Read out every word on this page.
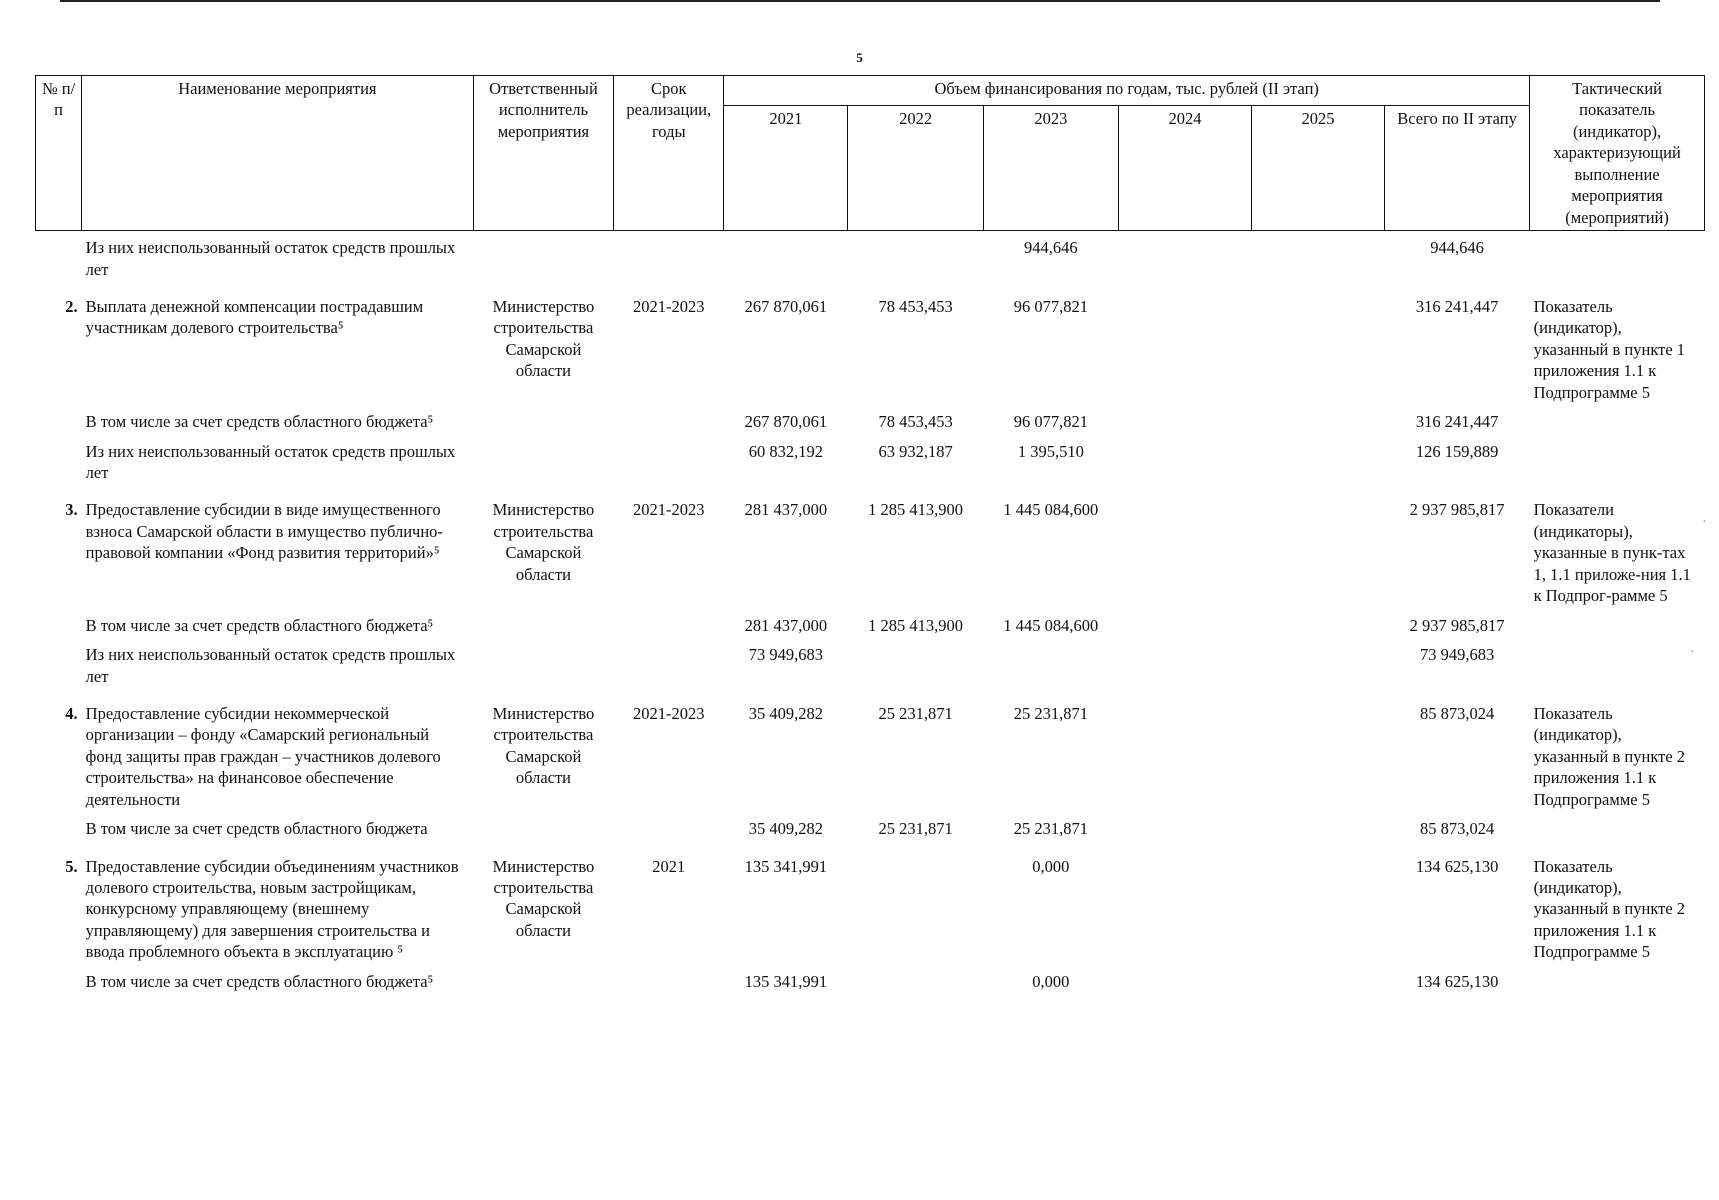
5
№ п/п	Наименование мероприятия	Ответственный исполнитель мероприятия	Срок реализации, годы	Объем финансирования по годам, тыс. рублей (II этап)						Тактический показатель (индикатор), характеризующий выполнение мероприятия (мероприятий)
				2021	2022	2023	2024	2025	Всего по II этапу	
	Из них неиспользованный остаток средств прошлых лет					944,646			944,646	
2.	Выплата денежной компенсации пострадавшим участникам долевого строительства⁵	Министерство строительства Самарской области	2021-2023	267 870,061	78 453,453	96 077,821			316 241,447	Показатель (индикатор), указанный в пункте 1 приложения 1.1 к Подпрограмме 5
	В том числе за счет средств областного бюджета⁵			267 870,061	78 453,453	96 077,821			316 241,447	
	Из них неиспользованный остаток средств прошлых лет			60 832,192	63 932,187	1 395,510			126 159,889	
3.	Предоставление субсидии в виде имущественного взноса Самарской области в имущество публично-правовой компании «Фонд развития территорий»⁵	Министерство строительства Самарской области	2021-2023	281 437,000	1 285 413,900	1 445 084,600			2 937 985,817	Показатели (индикаторы), указанные в пунк-тах 1, 1.1 приложе-ния 1.1 к Подпрог-рамме 5
	В том числе за счет средств областного бюджета⁵			281 437,000	1 285 413,900	1 445 084,600			2 937 985,817	
	Из них неиспользованный остаток средств прошлых лет			73 949,683					73 949,683	
4.	Предоставление субсидии некоммерческой организации – фонду «Самарский региональный фонд защиты прав граждан – участников долевого строительства» на финансовое обеспечение деятельности	Министерство строительства Самарской области	2021-2023	35 409,282	25 231,871	25 231,871			85 873,024	Показатель (индикатор), указанный в пункте 2 приложения 1.1 к Подпрограмме 5
	В том числе за счет средств областного бюджета			35 409,282	25 231,871	25 231,871			85 873,024	
5.	Предоставление субсидии объединениям участников долевого строительства, новым застройщикам, конкурсному управляющему (внешнему управляющему) для завершения строительства и ввода проблемного объекта в эксплуатацию ⁵	Министерство строительства Самарской области	2021	135 341,991		0,000			134 625,130	Показатель (индикатор), указанный в пункте 2 приложения 1.1 к Подпрограмме 5
	В том числе за счет средств областного бюджета⁵			135 341,991		0,000			134 625,130	
·
·
